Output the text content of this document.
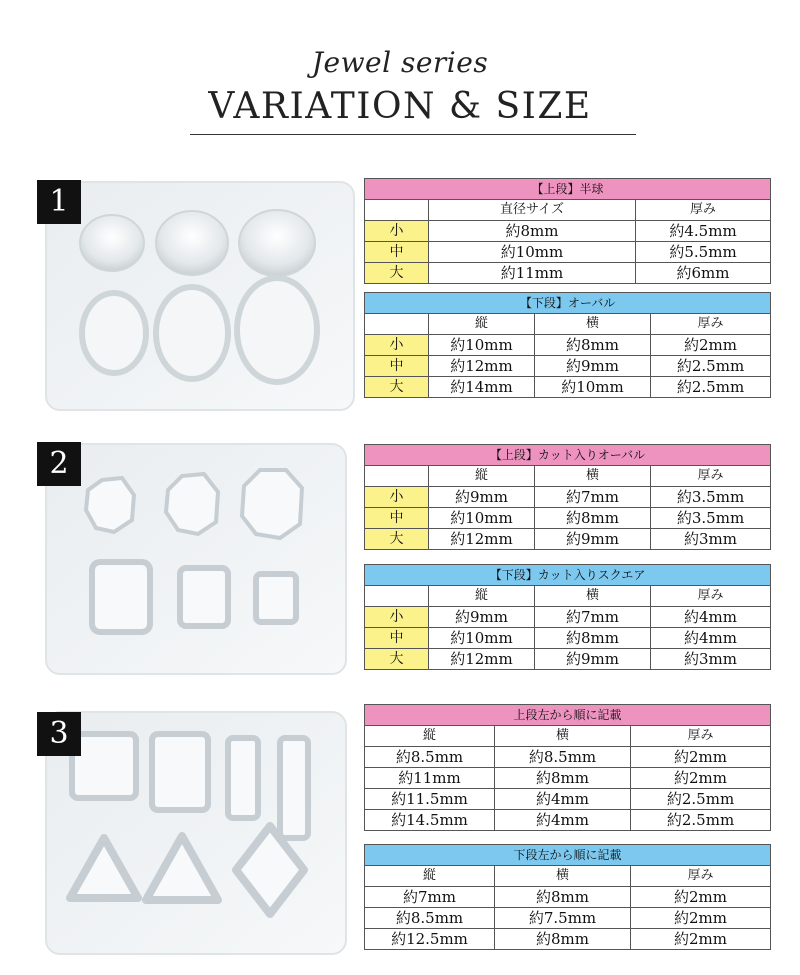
Jewel series
VARIATION & SIZE
1	【上段】半球		
	直径サイズ	厚み
小	約8mm	約4.5mm
中	約10mm	約5.5mm
大	約11mm	約6mm
【下段】オーバル			
	縦	横	厚み
小	約10mm	約8mm	約2mm
中	約12mm	約9mm	約2.5mm
大	約14mm	約10mm	約2.5mm
2	【上段】カット入りオーバル			
	縦	横	厚み
小	約9mm	約7mm	約3.5mm
中	約10mm	約8mm	約3.5mm
大	約12mm	約9mm	約3mm
【下段】カット入りスクエア			
	縦	横	厚み
小	約9mm	約7mm	約4mm
中	約10mm	約8mm	約4mm
大	約12mm	約9mm	約3mm
3
上段左から順に記載		
縦	横	厚み
約8.5mm	約8.5mm	約2mm
約11mm	約8mm	約2mm
約11.5mm	約4mm	約2.5mm
約14.5mm	約4mm	約2.5mm
下段左から順に記載		
縦	横	厚み
約7mm	約8mm	約2mm
約8.5mm	約7.5mm	約2mm
約12.5mm	約8mm	約2mm
